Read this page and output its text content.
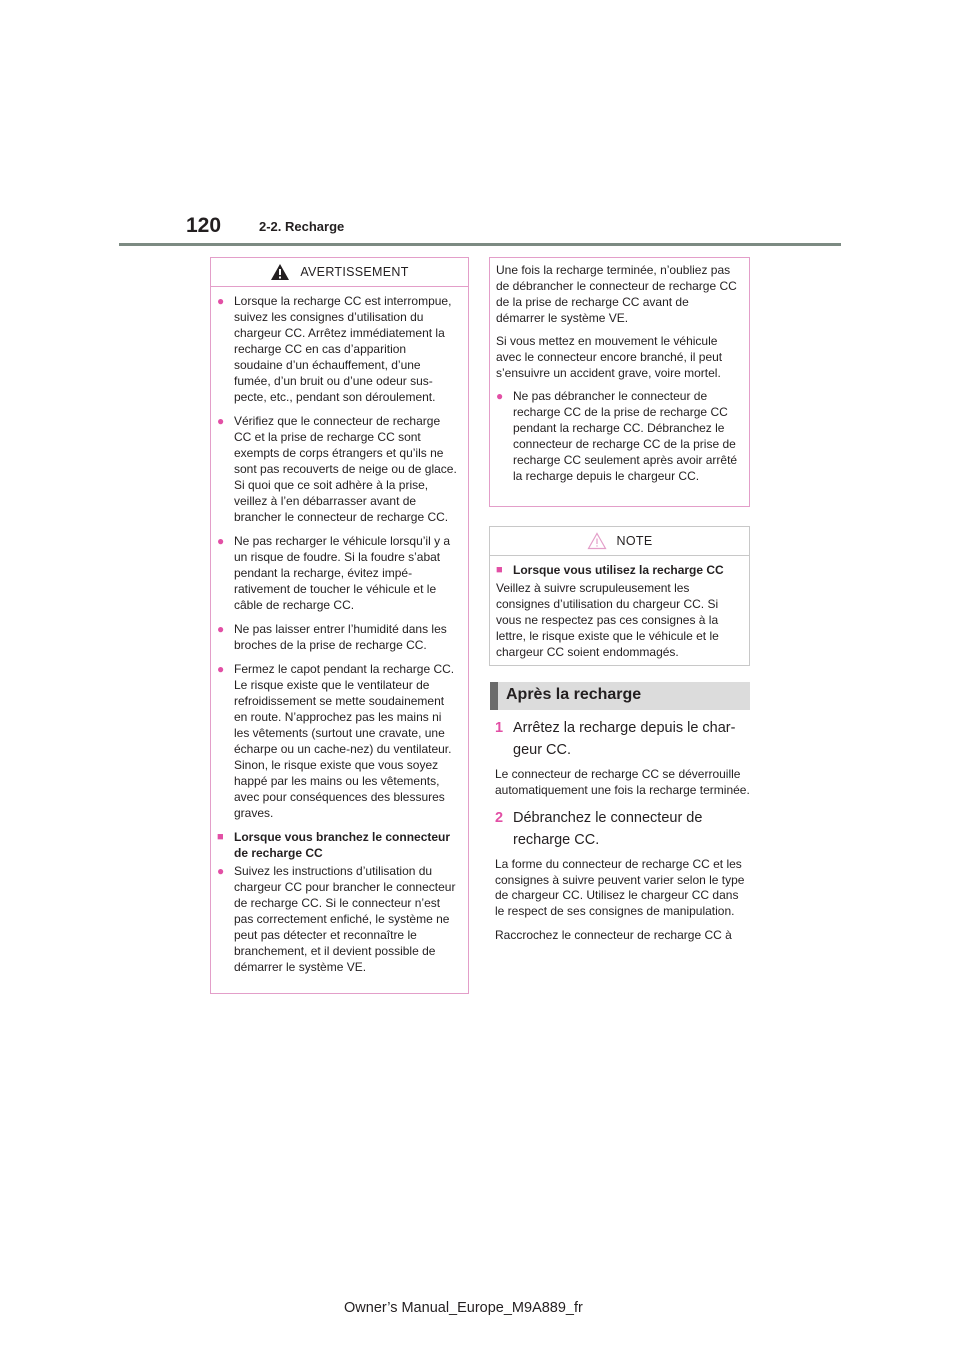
120	2-2. Recharge
AVERTISSEMENT
● Lorsque la recharge CC est interrompue, suivez les consignes d’utilisation du chargeur CC. Arrêtez immédiatement la recharge CC en cas d’apparition soudaine d’un échauffement, d’une fumée, d’un bruit ou d’une odeur suspecte, etc., pendant son déroulement.
● Vérifiez que le connecteur de recharge CC et la prise de recharge CC sont exempts de corps étrangers et qu’ils ne sont pas recouverts de neige ou de glace. Si quoi que ce soit adhère à la prise, veillez à l’en débarrasser avant de brancher le connecteur de recharge CC.
● Ne pas recharger le véhicule lorsqu’il y a un risque de foudre. Si la foudre s’abat pendant la recharge, évitez impérativement de toucher le véhicule et le câble de recharge CC.
● Ne pas laisser entrer l’humidité dans les broches de la prise de recharge CC.
● Fermez le capot pendant la recharge CC. Le risque existe que le ventilateur de refroidissement se mette soudainement en route. N’approchez pas les mains ni les vêtements (surtout une cravate, une écharpe ou un cache-nez) du ventilateur. Sinon, le risque existe que vous soyez happé par les mains ou les vêtements, avec pour conséquences des blessures graves.
■ Lorsque vous branchez le connecteur de recharge CC
● Suivez les instructions d’utilisation du chargeur CC pour brancher le connecteur de recharge CC. Si le connecteur n’est pas correctement enfiché, le système ne peut pas détecter et reconnaître le branchement, et il devient possible de démarrer le système VE.
Une fois la recharge terminée, n’oubliez pas de débrancher le connecteur de recharge CC de la prise de recharge CC avant de démarrer le système VE.
Si vous mettez en mouvement le véhicule avec le connecteur encore branché, il peut s’ensuivre un accident grave, voire mortel.
● Ne pas débrancher le connecteur de recharge CC de la prise de recharge CC pendant la recharge CC. Débranchez le connecteur de recharge CC de la prise de recharge CC seulement après avoir arrêté la recharge depuis le chargeur CC.
NOTE
■ Lorsque vous utilisez la recharge CC
Veillez à suivre scrupuleusement les consignes d’utilisation du chargeur CC. Si vous ne respectez pas ces consignes à la lettre, le risque existe que le véhicule et le chargeur CC soient endommagés.
Après la recharge
1 Arrêtez la recharge depuis le chargeur CC.
Le connecteur de recharge CC se déverrouille automatiquement une fois la recharge terminée.
2 Débranchez le connecteur de recharge CC.
La forme du connecteur de recharge CC et les consignes à suivre peuvent varier selon le type de chargeur CC. Utilisez le chargeur CC dans le respect de ses consignes de manipulation.
Raccrochez le connecteur de recharge CC à
Owner’s Manual_Europe_M9A889_fr
